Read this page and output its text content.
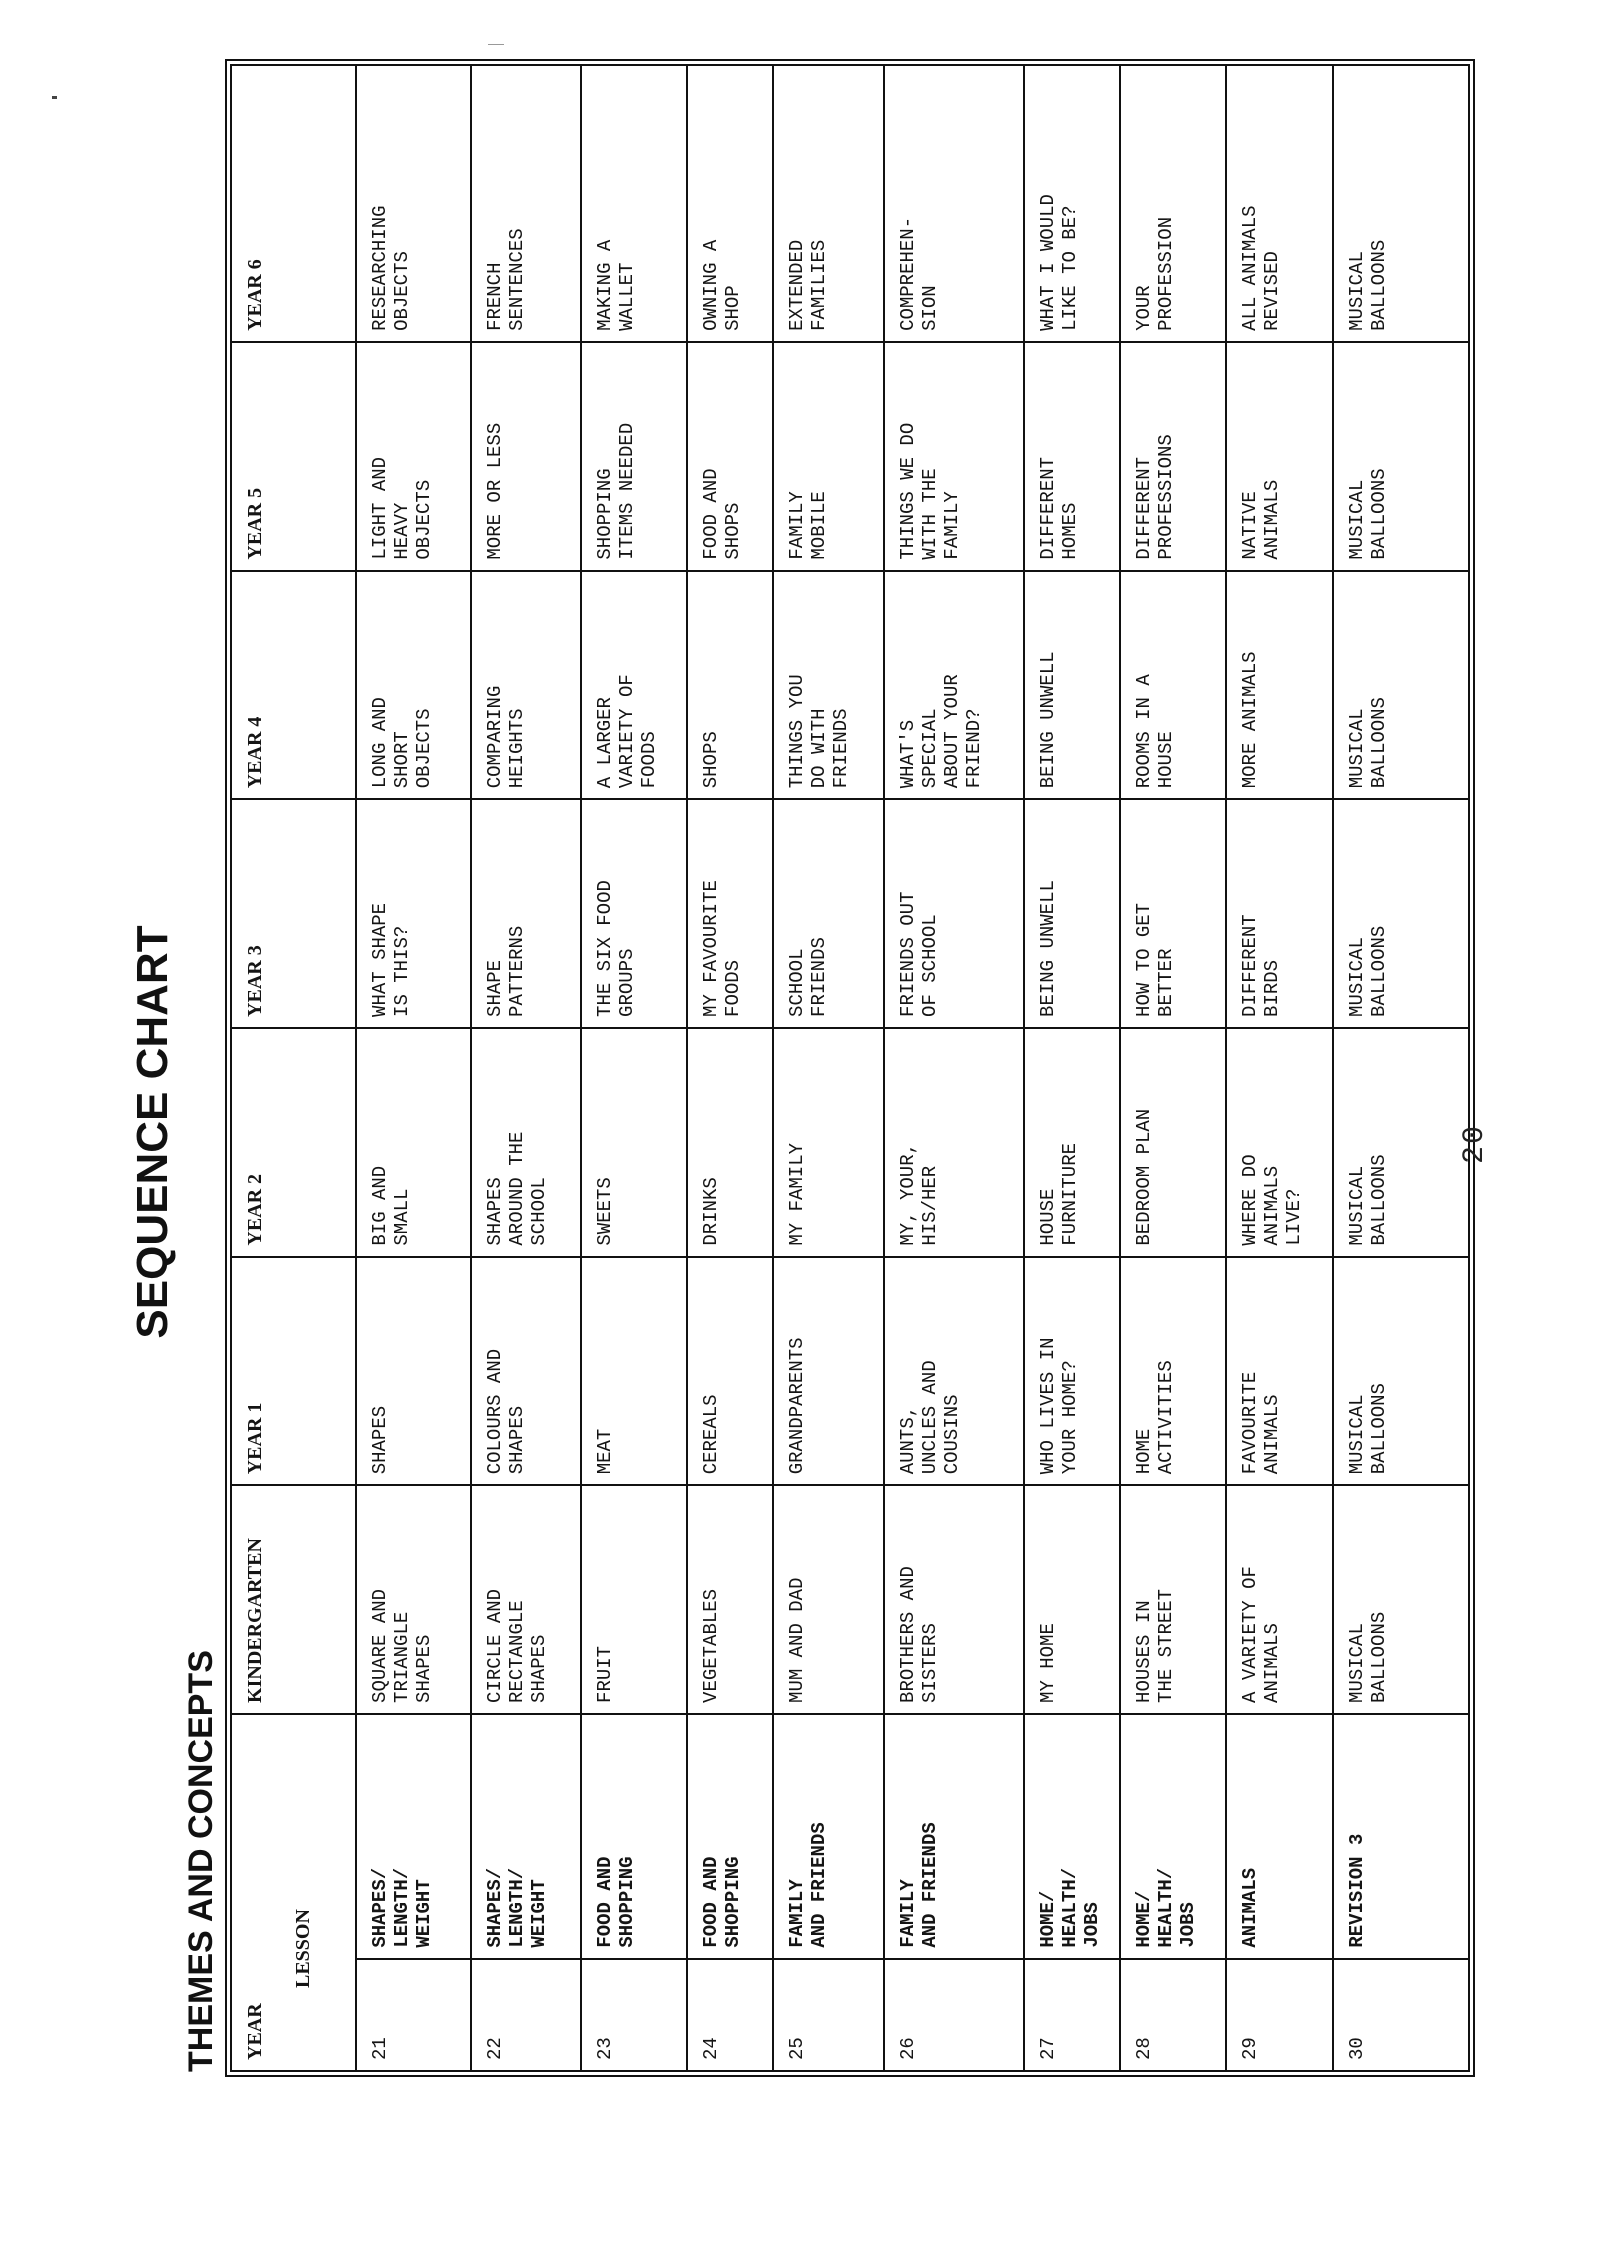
SEQUENCE CHART
THEMES AND CONCEPTS YEAR
LESSON		KINDERGARTEN	YEAR 1	YEAR 2	YEAR 3	YEAR 4	YEAR 5	YEAR 6
21	SHAPES/
LENGTH/
WEIGHT	SQUARE AND
TRIANGLE
SHAPES	SHAPES	BIG AND
SMALL	WHAT SHAPE
IS THIS?	LONG AND
SHORT
OBJECTS	LIGHT AND
HEAVY
OBJECTS	RESEARCHING
OBJECTS
22	SHAPES/
LENGTH/
WEIGHT	CIRCLE AND
RECTANGLE
SHAPES	COLOURS AND
SHAPES	SHAPES
AROUND THE
SCHOOL	SHAPE
PATTERNS	COMPARING
HEIGHTS	MORE OR LESS	FRENCH
SENTENCES
23	FOOD AND
SHOPPING	FRUIT	MEAT	SWEETS	THE SIX FOOD
GROUPS	A LARGER
VARIETY OF
FOODS	SHOPPING
ITEMS NEEDED	MAKING A
WALLET
24	FOOD AND
SHOPPING	VEGETABLES	CEREALS	DRINKS	MY FAVOURITE
FOODS	SHOPS	FOOD AND
SHOPS	OWNING A
SHOP
25	FAMILY
AND FRIENDS	MUM AND DAD	GRANDPARENTS	MY FAMILY	SCHOOL
FRIENDS	THINGS YOU
DO WITH
FRIENDS	FAMILY
MOBILE	EXTENDED
FAMILIES
26	FAMILY
AND FRIENDS	BROTHERS AND
SISTERS	AUNTS,
UNCLES AND
COUSINS	MY, YOUR,
HIS/HER	FRIENDS OUT
OF SCHOOL	WHAT'S
SPECIAL
ABOUT YOUR
FRIEND?	THINGS WE DO
WITH THE
FAMILY	COMPREHEN-
SION
27	HOME/
HEALTH/
JOBS	MY HOME	WHO LIVES IN
YOUR HOME?	HOUSE
FURNITURE	BEING UNWELL	BEING UNWELL	DIFFERENT
HOMES	WHAT I WOULD
LIKE TO BE?
28	HOME/
HEALTH/
JOBS	HOUSES IN
THE STREET	HOME
ACTIVITIES	BEDROOM PLAN	HOW TO GET
BETTER	ROOMS IN A
HOUSE	DIFFERENT
PROFESSIONS	YOUR
PROFESSION
29	ANIMALS	A VARIETY OF
ANIMALS	FAVOURITE
ANIMALS	WHERE DO
ANIMALS
LIVE?	DIFFERENT
BIRDS	MORE ANIMALS	NATIVE
ANIMALS	ALL ANIMALS
REVISED
30	REVISION 3	MUSICAL
BALLOONS	MUSICAL
BALLOONS	MUSICAL
BALLOONS	MUSICAL
BALLOONS	MUSICAL
BALLOONS	MUSICAL
BALLOONS	MUSICAL
BALLOONS
20
